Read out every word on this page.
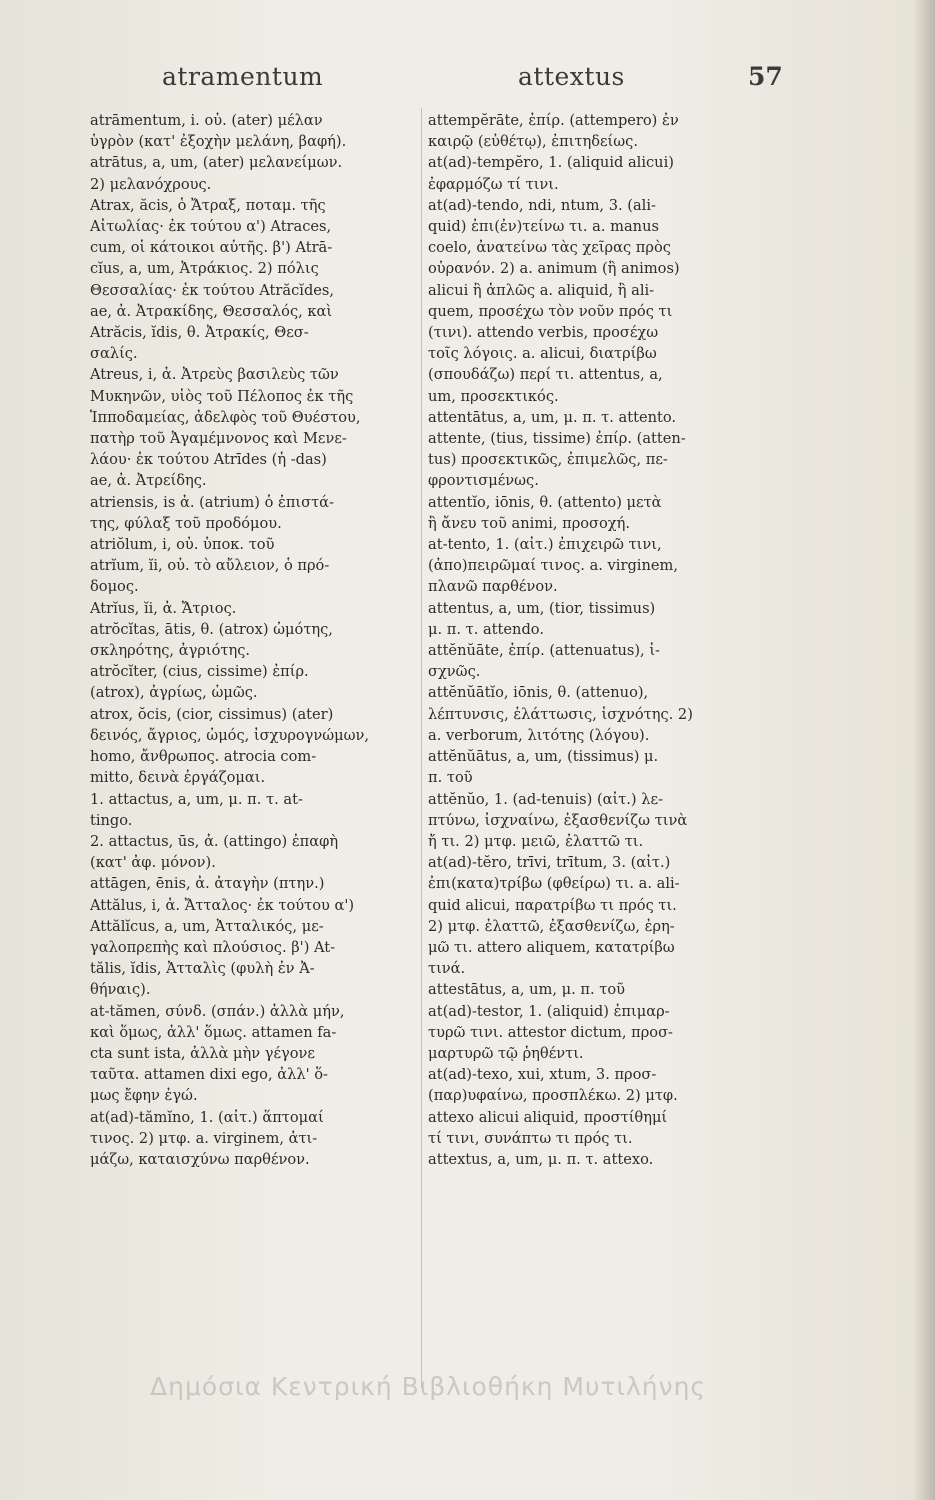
atramentum	attextus	57
atrāmentum, i. οὐ. (ater) μέλαν
ὑγρὸν (κατ' ἐξοχὴν μελάνη, βαφή).
atrātus, a, um, (ater) μελανείμων.
2) μελανόχρους.
Atrax, ăcis, ὁ Ἄτραξ, ποταμ. τῆς
Αἰτωλίας· ἐκ τούτου α') Atraces,
cum, οἱ κάτοικοι αὐτῆς. β') Atrā-
cĭus, a, um, Ἀτράκιος. 2) πόλις
Θεσσαλίας· ἐκ τούτου Atrăcĭdes,
ae, ἀ. Ἀτρακίδης, Θεσσαλός, καὶ
Atrăcis, ĭdis, θ. Ἀτρακίς, Θεσ-
σαλίς.
Atreus, i, ἀ. Ἀτρεὺς βασιλεὺς τῶν
Μυκηνῶν, υἱὸς τοῦ Πέλοπος ἐκ τῆς
Ἱπποδαμείας, ἀδελφὸς τοῦ Θυέστου,
πατὴρ τοῦ Ἀγαμέμνονος καὶ Μενε-
λάου· ἐκ τούτου Atrīdes (ἡ -das)
ae, ἀ. Ἀτρείδης.
atriensis, is ἀ. (atrium) ὁ ἐπιστά-
της, φύλαξ τοῦ προδόμου.
atriŏlum, i, οὐ. ὑποκ. τοῦ
atrĭum, ĭi, οὐ. τὸ αὔλειον, ὁ πρό-
δομος.
Atrĭus, ĭi, ἀ. Ἄτριος.
atrŏcĭtas, ātis, θ. (atrox) ὠμότης,
σκληρότης, ἀγριότης.
atrŏcĭter, (cius, cissime) ἐπίρ.
(atrox), ἀγρίως, ὠμῶς.
atrox, ŏcis, (cior, cissimus) (ater)
δεινός, ἄγριος, ὠμός, ἰσχυρογνώμων,
homo, ἄνθρωπος. atrocia com-
mitto, δεινὰ ἐργάζομαι.
1. attactus, a, um, μ. π. τ. at-
tingo.
2. attactus, ūs, ἀ. (attingo) ἐπαφὴ
(κατ' ἀφ. μόνον).
attāgen, ēnis, ἀ. ἀταγὴν (πτην.)
Attălus, i, ἀ. Ἄτταλος· ἐκ τούτου α')
Attălĭcus, a, um, Ἀτταλικός, με-
γαλοπρεπὴς καὶ πλούσιος. β') At-
tălis, ĭdis, Ἀτταλὶς (φυλὴ ἐν Ἀ-
θήναις).
at-tămen, σύνδ. (σπάν.) ἀλλὰ μήν,
καὶ ὅμως, ἀλλ' ὅμως. attamen fa-
cta sunt ista, ἀλλὰ μὴν γέγονε
ταῦτα. attamen dixi ego, ἀλλ' ὅ-
μως ἔφην ἐγώ.
at(ad)-tămĭno, 1. (αἰτ.) ἅπτομαί
τινος. 2) μτφ. a. virginem, ἀτι-
μάζω, καταισχύνω παρθένον.
attempĕrāte, ἐπίρ. (attempero) ἐν
καιρῷ (εὐθέτῳ), ἐπιτηδείως.
at(ad)-tempĕro, 1. (aliquid alicui)
ἐφαρμόζω τί τινι.
at(ad)-tendo, ndi, ntum, 3. (ali-
quid) ἐπι(ἐν)τείνω τι. a. manus
coelo, ἀνατείνω τὰς χεῖρας πρὸς
οὐρανόν. 2) a. animum (ἢ animos)
alicui ἢ ἁπλῶς a. aliquid, ἢ ali-
quem, προσέχω τὸν νοῦν πρός τι
(τινι). attendo verbis, προσέχω
τοῖς λόγοις. a. alicui, διατρίβω
(σπουδάζω) περί τι. attentus, a,
um, προσεκτικός.
attentātus, a, um, μ. π. τ. attento.
attente, (tius, tissime) ἐπίρ. (atten-
tus) προσεκτικῶς, ἐπιμελῶς, πε-
φροντισμένως.
attentĭo, iōnis, θ. (attento) μετὰ
ἢ ἄνευ τοῦ animi, προσοχή.
at-tento, 1. (αἰτ.) ἐπιχειρῶ τινι,
(ἀπο)πειρῶμαί τινος. a. virginem,
πλανῶ παρθένον.
attentus, a, um, (tior, tissimus)
μ. π. τ. attendo.
attĕnŭāte, ἐπίρ. (attenuatus), ἰ-
σχνῶς.
attĕnŭātĭo, iōnis, θ. (attenuo),
λέπτυνσις, ἐλάττωσις, ἰσχνότης. 2)
a. verborum, λιτότης (λόγου).
attĕnŭātus, a, um, (tissimus) μ.
π. τοῦ
attĕnŭo, 1. (ad-tenuis) (αἰτ.) λε-
πτύνω, ἰσχναίνω, ἐξασθενίζω τινὰ
ἤ τι. 2) μτφ. μειῶ, ἐλαττῶ τι.
at(ad)-tĕro, trīvi, trītum, 3. (αἰτ.)
ἐπι(κατα)τρίβω (φθείρω) τι. a. ali-
quid alicui, παρατρίβω τι πρός τι.
2) μτφ. ἐλαττῶ, ἐξασθενίζω, ἐρη-
μῶ τι. attero aliquem, κατατρίβω
τινά.
attestātus, a, um, μ. π. τοῦ
at(ad)-testor, 1. (aliquid) ἐπιμαρ-
τυρῶ τινι. attestor dictum, προσ-
μαρτυρῶ τῷ ῥηθέντι.
at(ad)-texo, xui, xtum, 3. προσ-
(παρ)υφαίνω, προσπλέκω. 2) μτφ.
attexo alicui aliquid, προστίθημί
τί τινι, συνάπτω τι πρός τι.
attextus, a, um, μ. π. τ. attexo.
Δημόσια Κεντρική Βιβλιοθήκη Μυτιλήνης
